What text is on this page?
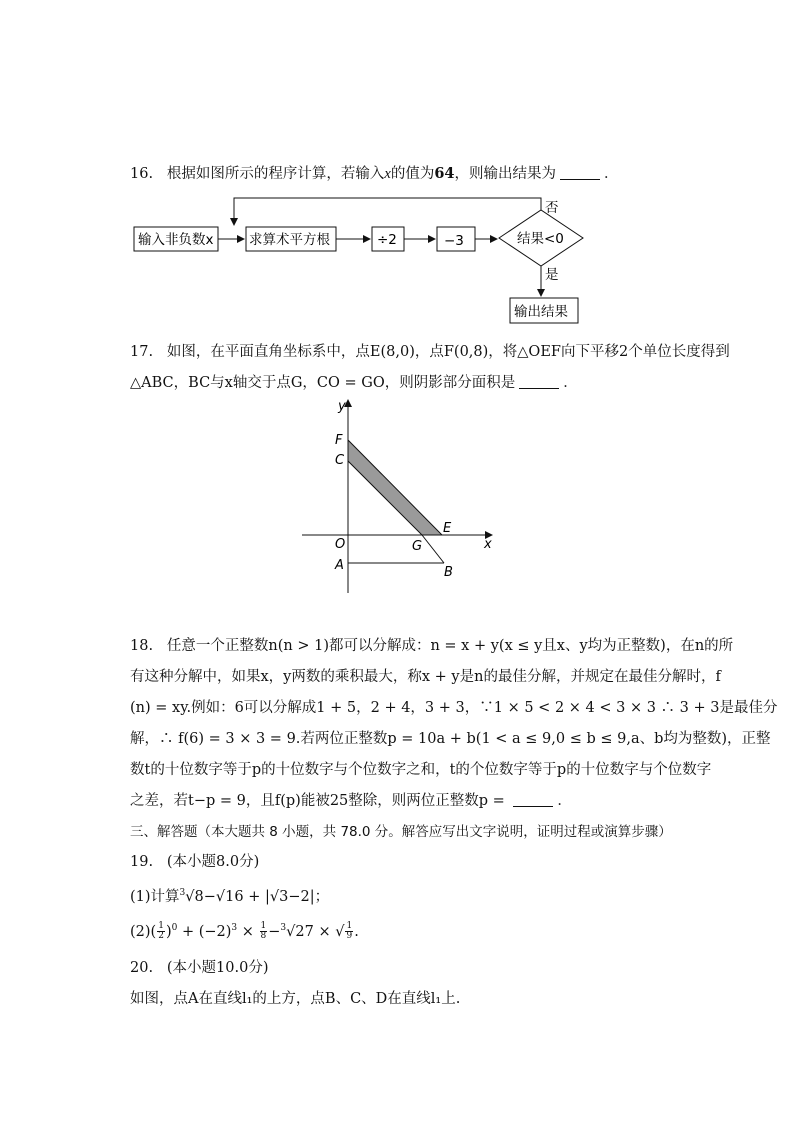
16. 根据如图所示的程序计算，若输入x的值为64，则输出结果为	．
输入非负数x	求算术平方根	÷2	−3	结果<0
输出结果
否
是
17. 如图，在平面直角坐标系中，点E(8,0)，点F(0,8)，将△OEF向下平移2个单位长度得到
△ABC，BC与x轴交于点G，CO = GO，则阴影部分面积是	．
y
x
F
C
O	G
E
A	B
18. 任意一个正整数n(n > 1)都可以分解成：n = x + y(x ≤ y且x、y均为正整数)，在n的所
有这种分解中，如果x，y两数的乘积最大，称x + y是n的最佳分解，并规定在最佳分解时，f
(n) = xy.例如：6可以分解成1 + 5，2 + 4，3 + 3，∵1 × 5 < 2 × 4 < 3 × 3 ∴ 3 + 3是最佳分
解，∴ f(6) = 3 × 3 = 9.若两位正整数p = 10a + b(1 < a ≤ 9,0 ≤ b ≤ 9,a、b均为整数)，正整
数t的十位数字等于p的十位数字与个位数字之和，t的个位数字等于p的十位数字与个位数字
之差，若t−p = 9，且f(p)能被25整除，则两位正整数p =	．
三、解答题（本大题共 8 小题，共 78.0 分。解答应写出文字说明，证明过程或演算步骤）
19. (本小题8.0分)
(1)计算$^3$√8−√16 + |√3−2|；
$(2)( \frac{1}{2} )^0 + (-2)^3 \times \frac{1}{8} -^3√27$ × √ $\frac{1}{9}$ .
20. (本小题10.0分)
如图，点A在直线l₁的上方，点B、C、D在直线l₁上.
